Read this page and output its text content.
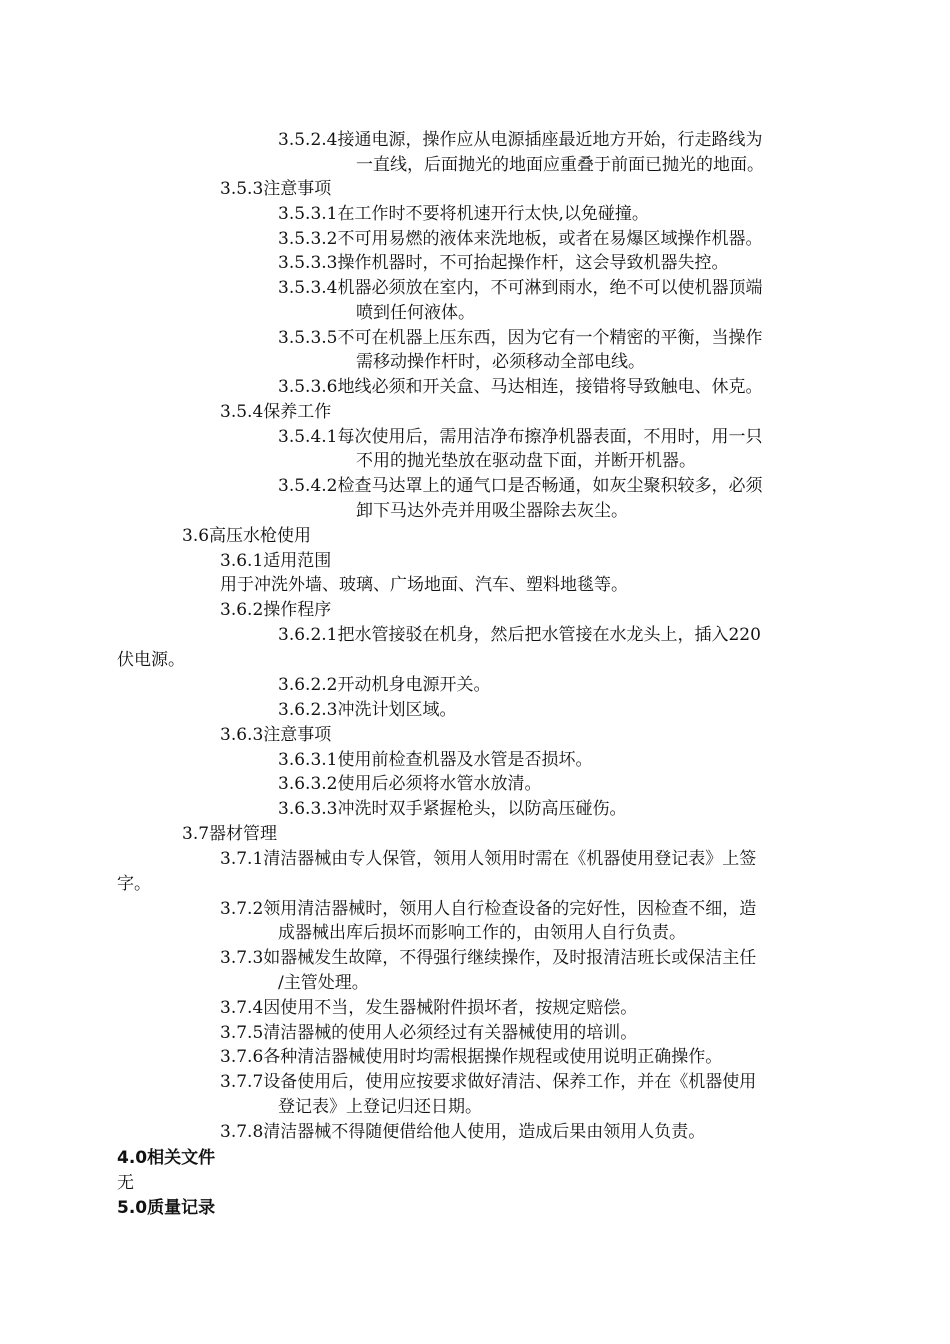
3.5.2.4接通电源，操作应从电源插座最近地方开始，行走路线为
一直线，后面抛光的地面应重叠于前面已抛光的地面。
3.5.3注意事项
3.5.3.1在工作时不要将机速开行太快,以免碰撞。
3.5.3.2不可用易燃的液体来洗地板，或者在易爆区域操作机器。
3.5.3.3操作机器时，不可抬起操作杆，这会导致机器失控。
3.5.3.4机器必须放在室内，不可淋到雨水，绝不可以使机器顶端
喷到任何液体。
3.5.3.5不可在机器上压东西，因为它有一个精密的平衡，当操作
需移动操作杆时，必须移动全部电线。
3.5.3.6地线必须和开关盒、马达相连，接错将导致触电、休克。
3.5.4保养工作
3.5.4.1每次使用后，需用洁净布擦净机器表面，不用时，用一只
不用的抛光垫放在驱动盘下面，并断开机器。
3.5.4.2检查马达罩上的通气口是否畅通，如灰尘聚积较多，必须
卸下马达外壳并用吸尘器除去灰尘。
3.6高压水枪使用
3.6.1适用范围
用于冲洗外墙、玻璃、广场地面、汽车、塑料地毯等。
3.6.2操作程序
3.6.2.1把水管接驳在机身，然后把水管接在水龙头上，插入220
伏电源。
3.6.2.2开动机身电源开关。
3.6.2.3冲洗计划区域。
3.6.3注意事项
3.6.3.1使用前检查机器及水管是否损坏。
3.6.3.2使用后必须将水管水放清。
3.6.3.3冲洗时双手紧握枪头，以防高压碰伤。
3.7器材管理
3.7.1清洁器械由专人保管，领用人领用时需在《机器使用登记表》上签
字。
3.7.2领用清洁器械时，领用人自行检查设备的完好性，因检查不细，造
成器械出库后损坏而影响工作的，由领用人自行负责。
3.7.3如器械发生故障，不得强行继续操作，及时报清洁班长或保洁主任
/主管处理。
3.7.4因使用不当，发生器械附件损坏者，按规定赔偿。
3.7.5清洁器械的使用人必须经过有关器械使用的培训。
3.7.6各种清洁器械使用时均需根据操作规程或使用说明正确操作。
3.7.7设备使用后，使用应按要求做好清洁、保养工作，并在《机器使用
登记表》上登记归还日期。
3.7.8清洁器械不得随便借给他人使用，造成后果由领用人负责。
4.0相关文件
无
5.0质量记录
